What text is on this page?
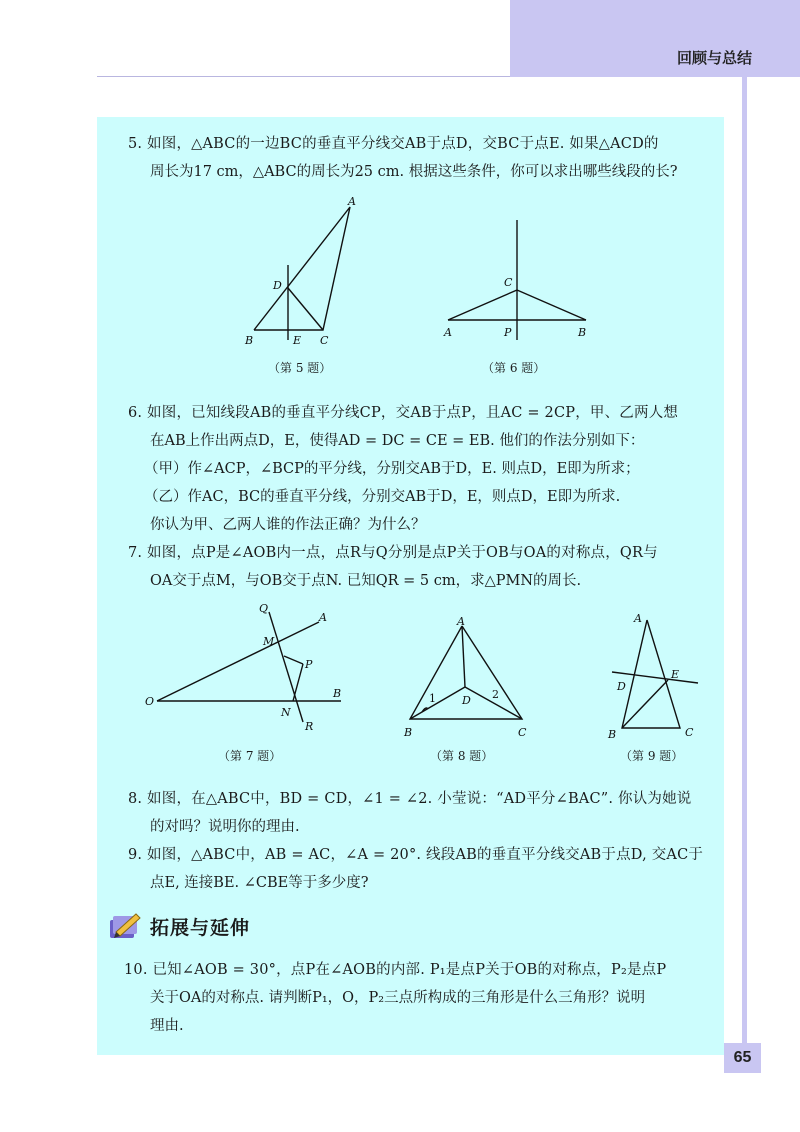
回顾与总结
5. 如图，△ABC的一边BC的垂直平分线交AB于点D，交BC于点E. 如果△ACD的
周长为17 cm，△ABC的周长为25 cm. 根据这些条件，你可以求出哪些线段的长?
A
B	C
D
E
（第 5 题）
C
A	P	B
（第 6 题）
6. 如图，已知线段AB的垂直平分线CP，交AB于点P，且AC = 2CP，甲、乙两人想
在AB上作出两点D，E，使得AD = DC = CE = EB. 他们的作法分别如下：
（甲）作∠ACP，∠BCP的平分线，分别交AB于D，E. 则点D，E即为所求；
（乙）作AC，BC的垂直平分线，分别交AB于D，E，则点D，E即为所求.
你认为甲、乙两人谁的作法正确？为什么？
7. 如图，点P是∠AOB内一点，点R与Q分别是点P关于OB与OA的对称点，QR与
OA交于点M，与OB交于点N. 已知QR = 5 cm，求△PMN的周长.
Q
A
M
P
O
N
B
R
（第 7 题）
A
B	C
D
1	2
（第 8 题）
A
B	C
D
E
（第 9 题）
8. 如图，在△ABC中，BD = CD，∠1 = ∠2. 小莹说：“AD平分∠BAC”. 你认为她说
的对吗？说明你的理由.
9. 如图，△ABC中，AB = AC，∠A = 20°. 线段AB的垂直平分线交AB于点D, 交AC于
点E, 连接BE. ∠CBE等于多少度?
拓展与延伸
10. 已知∠AOB = 30°，点P在∠AOB的内部. P₁是点P关于OB的对称点，P₂是点P
关于OA的对称点. 请判断P₁，O，P₂三点所构成的三角形是什么三角形？说明
理由.
65
